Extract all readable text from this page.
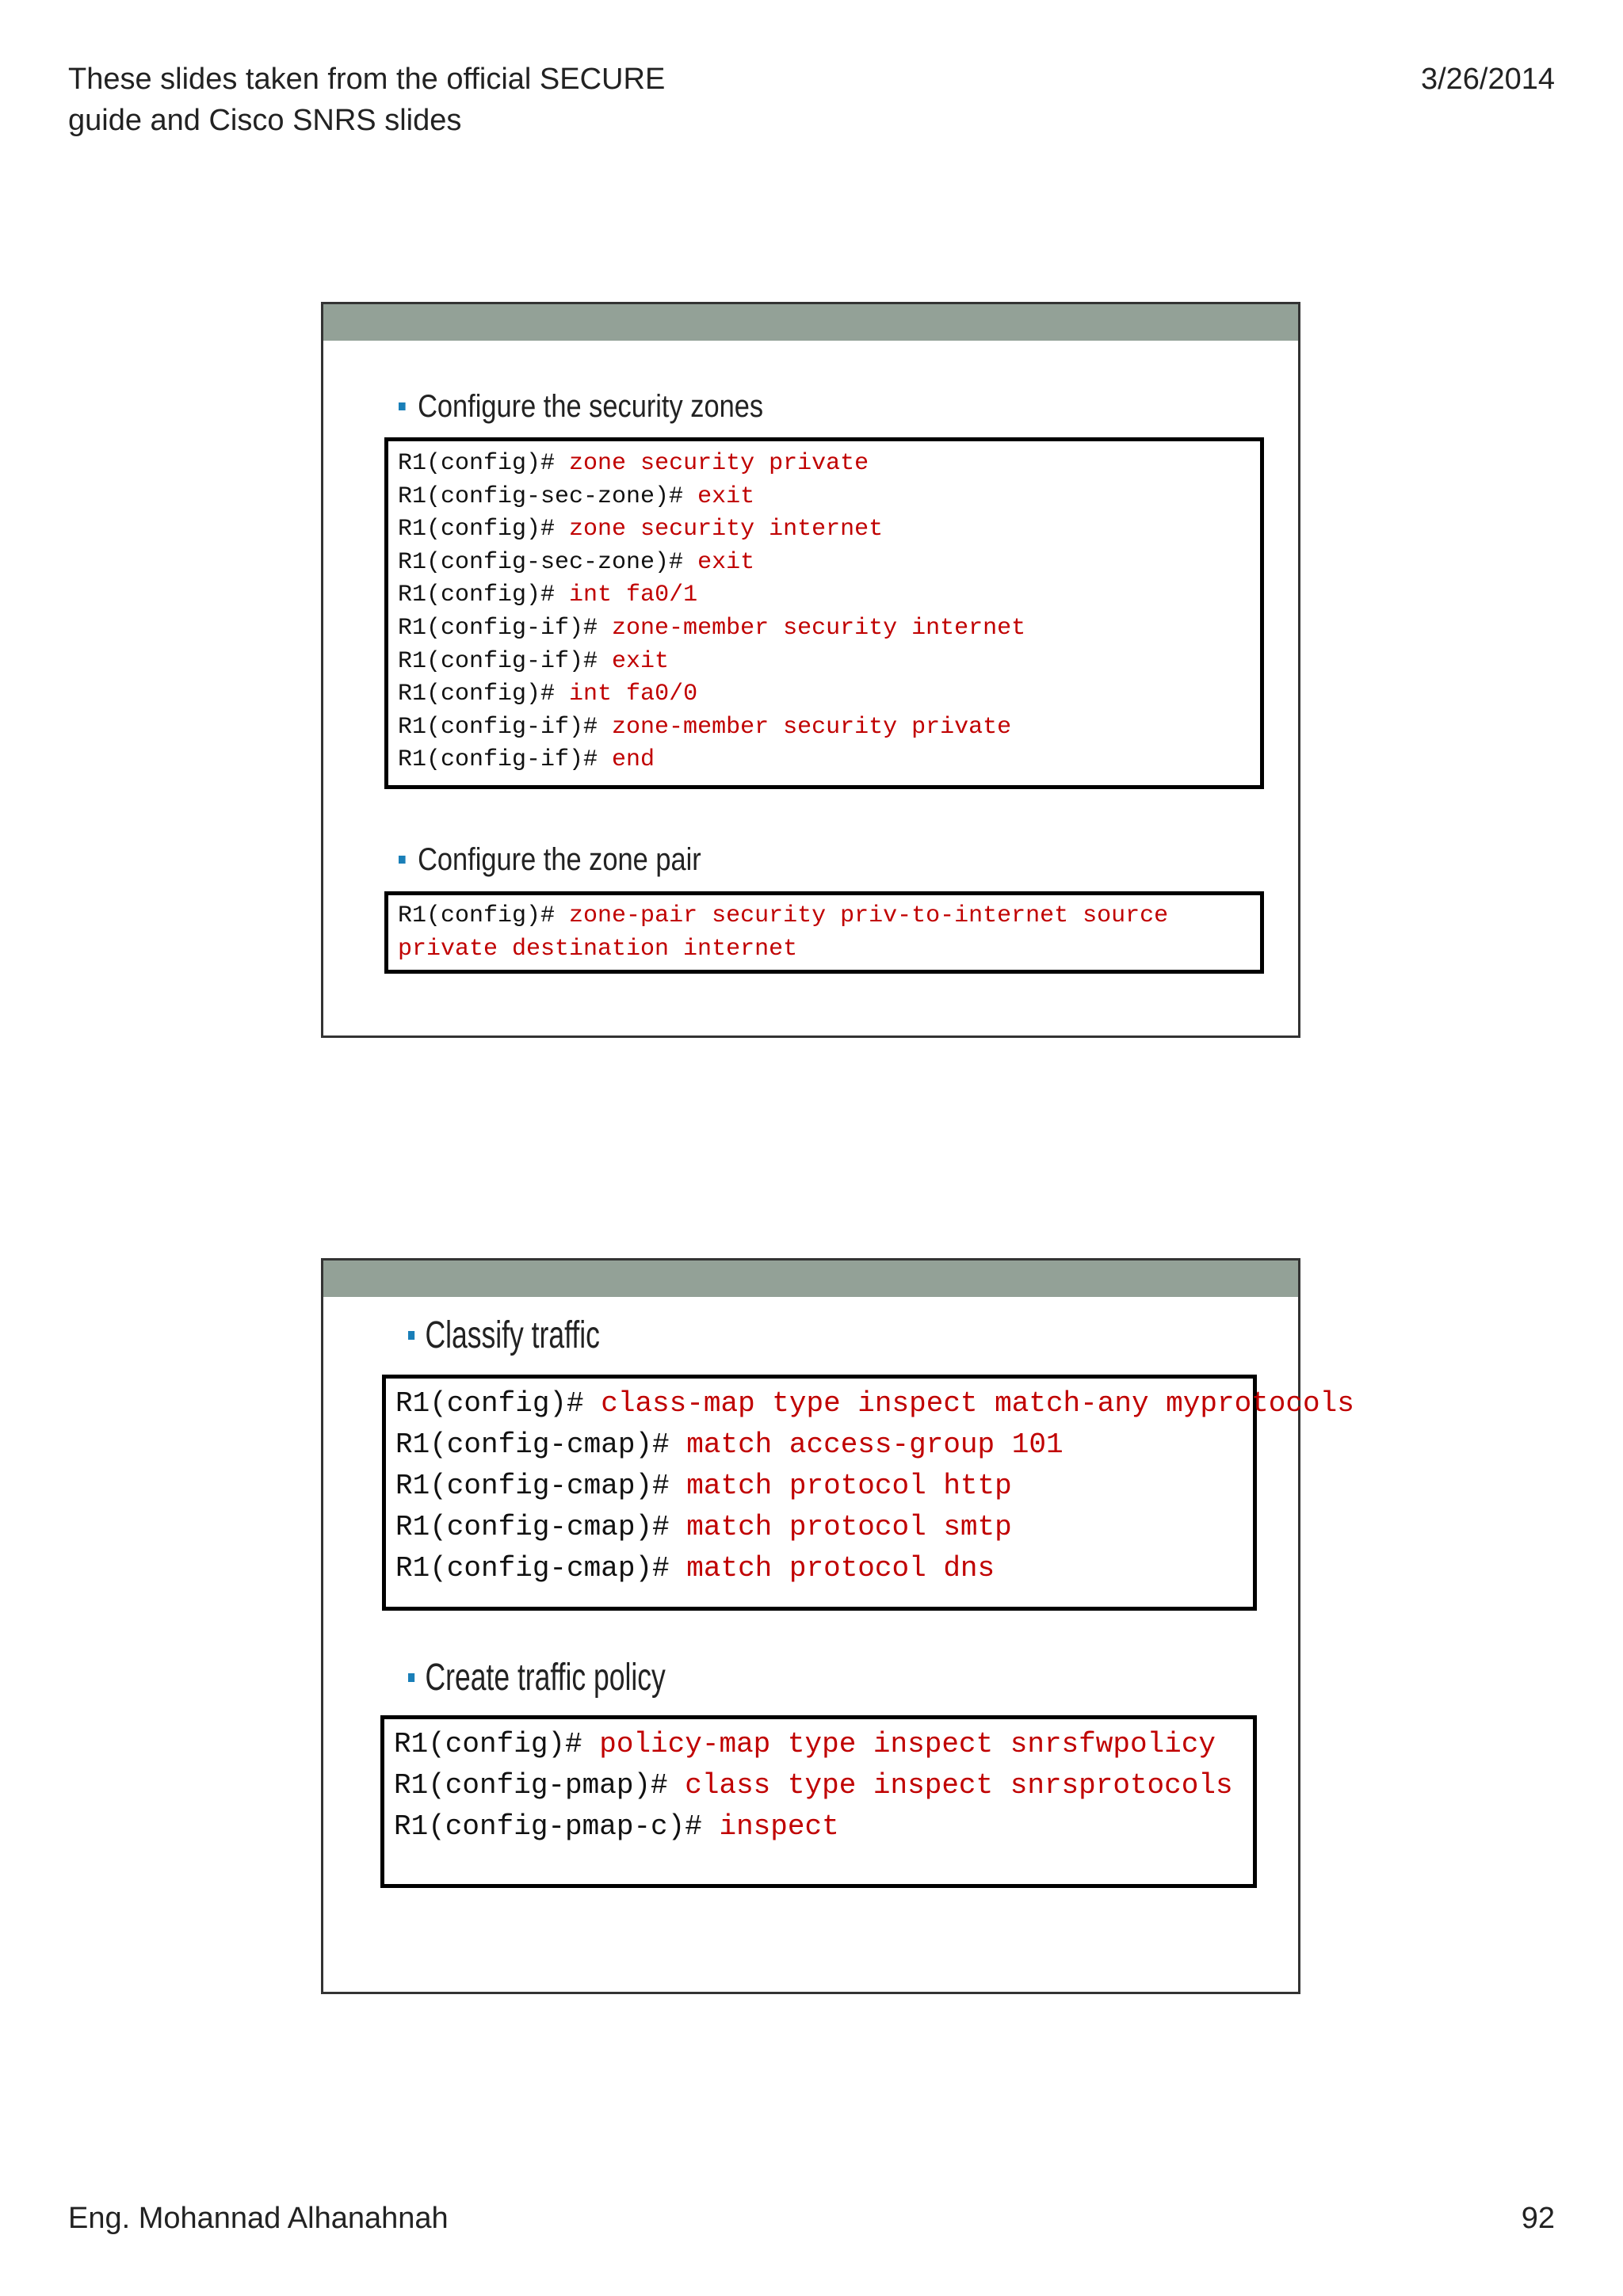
These slides taken from the official SECURE
guide and Cisco SNRS slides
3/26/2014
Configure the security zones
R1(config)# zone security private
R1(config-sec-zone)# exit
R1(config)# zone security internet
R1(config-sec-zone)# exit
R1(config)# int fa0/1
R1(config-if)# zone-member security internet
R1(config-if)# exit
R1(config)# int fa0/0
R1(config-if)# zone-member security private
R1(config-if)# end
Configure the zone pair
R1(config)# zone-pair security priv-to-internet source
private destination internet
Classify traffic
R1(config)# class-map type inspect match-any myprotocols
R1(config-cmap)# match access-group 101
R1(config-cmap)# match protocol http
R1(config-cmap)# match protocol smtp
R1(config-cmap)# match protocol dns
Create traffic policy
R1(config)# policy-map type inspect snrsfwpolicy
R1(config-pmap)# class type inspect snrsprotocols
R1(config-pmap-c)# inspect
Eng. Mohannad Alhanahnah	92
